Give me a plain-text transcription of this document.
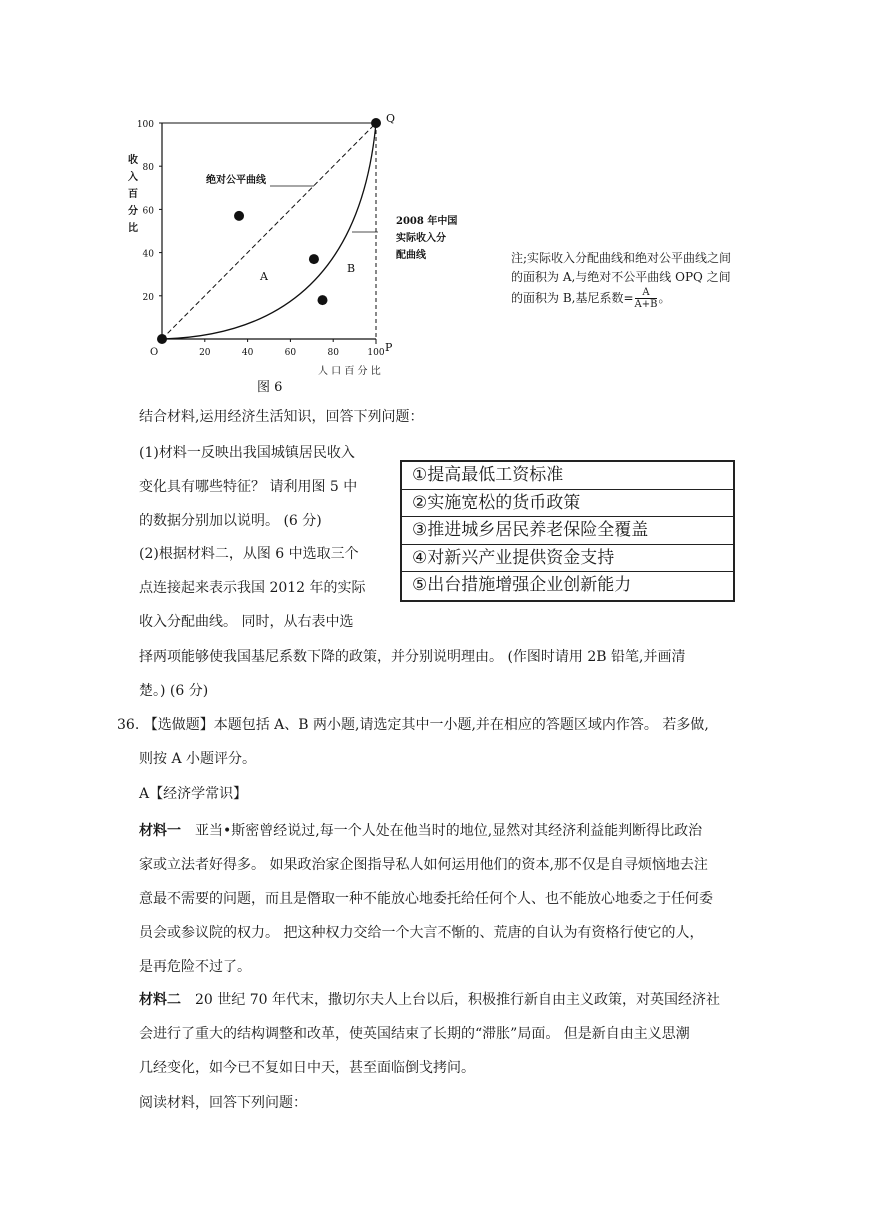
100
80
60
40
20
20	40	60	80	100
绝对公平曲线
2008 年中国
实际收入分
配曲线
A
B
O	P
Q
收
入
百
分
比
人 口 百 分 比
图 6
注;实际收入分配曲线和绝对公平曲线之间的面积为 A,与绝对不公平曲线 OPQ 之间的面积为 B,基尼系数= $\frac{A}{A+B}$ 。
结合材料,运用经济生活知识，回答下列问题：
(1)材料一反映出我国城镇居民收入
变化具有哪些特征？ 请利用图 5 中
的数据分别加以说明。 (6 分)
(2)根据材料二，从图 6 中选取三个
点连接起来表示我国 2012 年的实际
收入分配曲线。 同时，从右表中选
择两项能够使我国基尼系数下降的政策，并分别说明理由。 (作图时请用 2B 铅笔,并画清
楚。) (6 分)
①提高最低工资标准
②实施宽松的货币政策
③推进城乡居民养老保险全覆盖
④对新兴产业提供资金支持
⑤出台措施增强企业创新能力
36. 【选做题】本题包括 A、B 两小题,请选定其中一小题,并在相应的答题区域内作答。 若多做,
则按 A 小题评分。
A【经济学常识】
材料一　亚当•斯密曾经说过,每一个人处在他当时的地位,显然对其经济利益能判断得比政治
家或立法者好得多。 如果政治家企图指导私人如何运用他们的资本,那不仅是自寻烦恼地去注
意最不需要的问题，而且是僭取一种不能放心地委托给任何个人、也不能放心地委之于任何委
员会或参议院的权力。 把这种权力交给一个大言不惭的、荒唐的自认为有资格行使它的人，
是再危险不过了。
材料二　20 世纪 70 年代末，撒切尔夫人上台以后，积极推行新自由主义政策，对英国经济社
会进行了重大的结构调整和改革，使英国结束了长期的“滞胀”局面。 但是新自由主义思潮
几经变化，如今已不复如日中天，甚至面临倒戈拷问。
阅读材料，回答下列问题：
